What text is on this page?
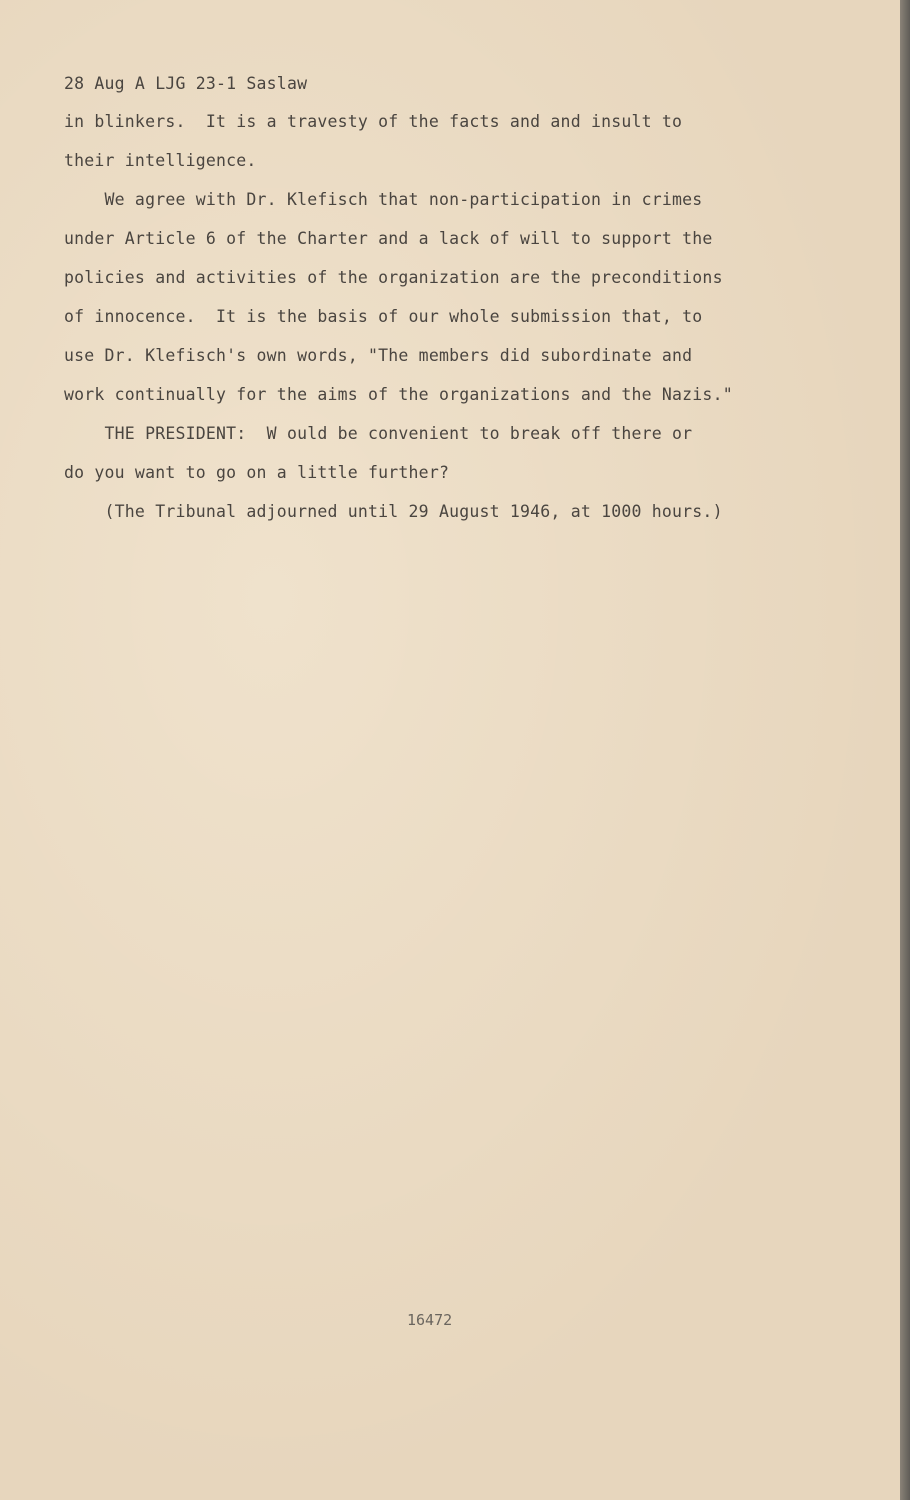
28 Aug A LJG 23-1 Saslaw

in blinkers.  It is a travesty of the facts and and insult to

their intelligence.

We agree with Dr. Klefisch that non-participation in crimes

under Article 6 of the Charter and a lack of will to support the

policies and activities of the organization are the preconditions

of innocence.  It is the basis of our whole submission that, to

use Dr. Klefisch's own words, "The members did subordinate and

work continually for the aims of the organizations and the Nazis."

THE PRESIDENT:  W ould be convenient to break off there or

do you want to go on a little further?

(The Tribunal adjourned until 29 August 1946, at 1000 hours.)

16472
